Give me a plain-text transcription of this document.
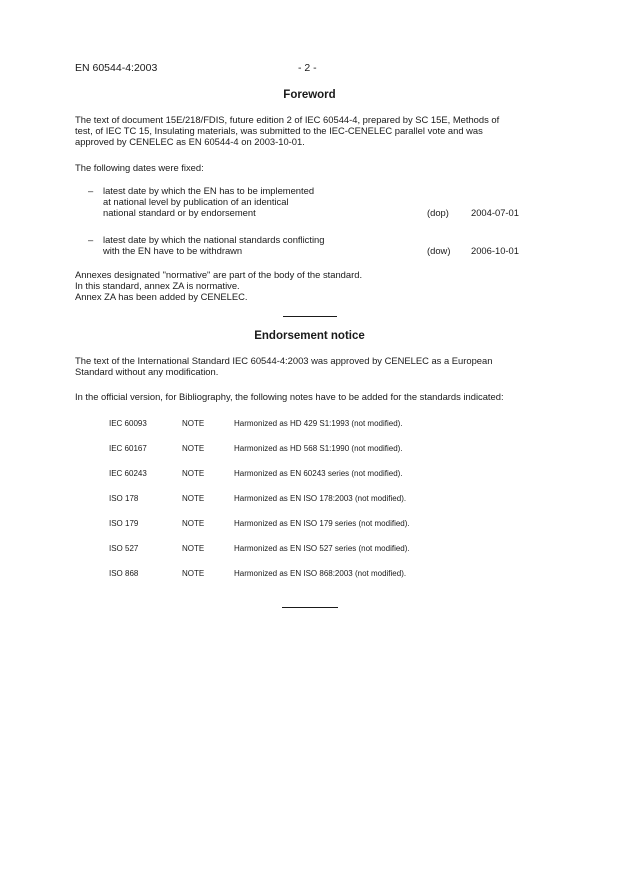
EN 60544-4:2003	- 2 -
Foreword
The text of document 15E/218/FDIS, future edition 2 of IEC 60544-4, prepared by SC 15E, Methods of
test, of IEC TC 15, Insulating materials, was submitted to the IEC-CENELEC parallel vote and was
approved by CENELEC as EN 60544-4 on 2003-10-01.
The following dates were fixed:
– latest date by which the EN has to be implemented
at national level by publication of an identical
national standard or by endorsement	(dop) 2004-07-01
– latest date by which the national standards conflicting
with the EN have to be withdrawn	(dow) 2006-10-01
Annexes designated "normative" are part of the body of the standard.
In this standard, annex ZA is normative.
Annex ZA has been added by CENELEC.
Endorsement notice
The text of the International Standard IEC 60544-4:2003 was approved by CENELEC as a European
Standard without any modification.
In the official version, for Bibliography, the following notes have to be added for the standards indicated:
IEC 60093	NOTE	Harmonized as HD 429 S1:1993 (not modified).
IEC 60167	NOTE	Harmonized as HD 568 S1:1990 (not modified).
IEC 60243	NOTE	Harmonized as EN 60243 series (not modified).
ISO 178	NOTE	Harmonized as EN ISO 178:2003 (not modified).
ISO 179	NOTE	Harmonized as EN ISO 179 series (not modified).
ISO 527	NOTE	Harmonized as EN ISO 527 series (not modified).
ISO 868	NOTE	Harmonized as EN ISO 868:2003 (not modified).
